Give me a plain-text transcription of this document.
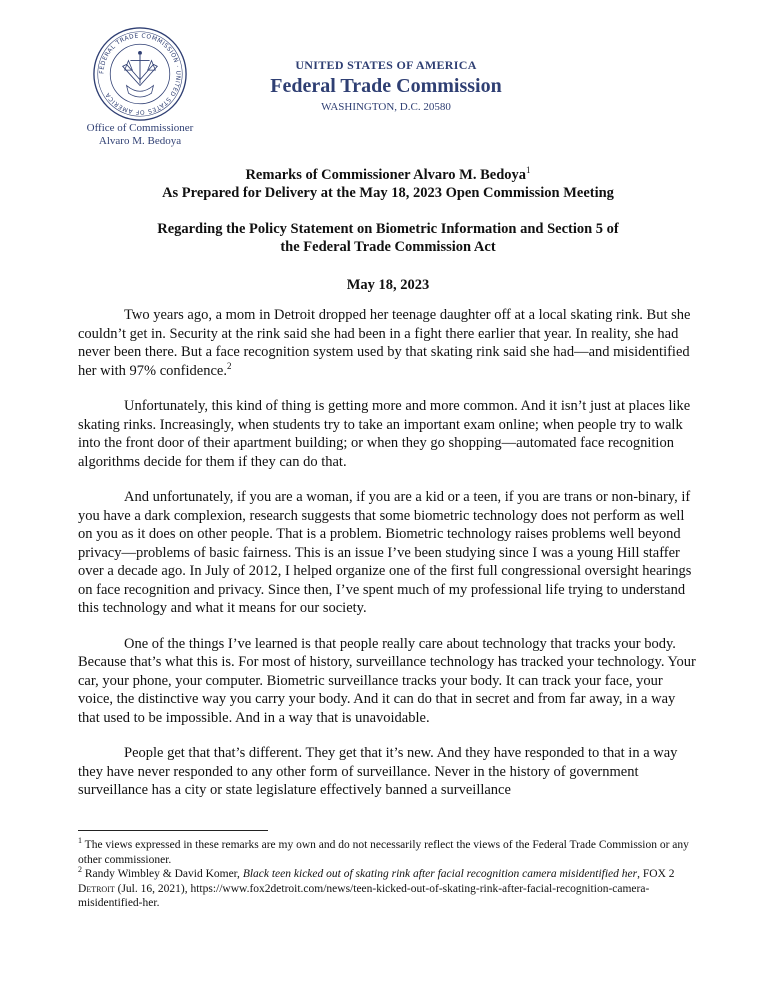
FEDERAL TRADE COMMISSION · UNITED STATES OF AMERICA
UNITED STATES OF AMERICA
Federal Trade Commission
WASHINGTON, D.C. 20580
Office of Commissioner
Alvaro M. Bedoya
Remarks of Commissioner Alvaro M. Bedoya$^1$
As Prepared for Delivery at the May 18, 2023 Open Commission Meeting
Regarding the Policy Statement on Biometric Information and Section 5 of
the Federal Trade Commission Act
May 18, 2023

Two years ago, a mom in Detroit dropped her teenage daughter off at a local skating rink. But she couldn’t get in. Security at the rink said she had been in a fight there earlier that year. In reality, she had never been there. But a face recognition system used by that skating rink said she had—and misidentified her with 97% confidence.$^2$

Unfortunately, this kind of thing is getting more and more common. And it isn’t just at places like skating rinks. Increasingly, when students try to take an important exam online; when people try to walk into the front door of their apartment building; or when they go shopping—automated face recognition algorithms decide for them if they can do that.

And unfortunately, if you are a woman, if you are a kid or a teen, if you are trans or non-binary, if you have a dark complexion, research suggests that some biometric technology does not perform as well on you as it does on other people. That is a problem. Biometric technology raises problems well beyond privacy—problems of basic fairness. This is an issue I’ve been studying since I was a young Hill staffer over a decade ago. In July of 2012, I helped organize one of the first full congressional oversight hearings on face recognition and privacy. Since then, I’ve spent much of my professional life trying to understand this technology and what it means for our society.

One of the things I’ve learned is that people really care about technology that tracks your body. Because that’s what this is. For most of history, surveillance technology has tracked your technology. Your car, your phone, your computer. Biometric surveillance tracks your body. It can track your face, your voice, the distinctive way you carry your body. And it can do that in secret and from far away, in a way that used to be impossible. And in a way that is unavoidable.

People get that that’s different. They get that it’s new. And they have responded to that in a way they have never responded to any other form of surveillance. Never in the history of government surveillance has a city or state legislature effectively banned a surveillance

$^1$ The views expressed in these remarks are my own and do not necessarily reflect the views of the Federal Trade Commission or any other commissioner.

$^2$ Randy Wimbley & David Komer, Black teen kicked out of skating rink after facial recognition camera misidentified her, FOX 2 Detroit (Jul. 16, 2021), https://www.fox2detroit.com/news/teen-kicked-out-of-skating-rink-after-facial-recognition-camera-misidentified-her.
